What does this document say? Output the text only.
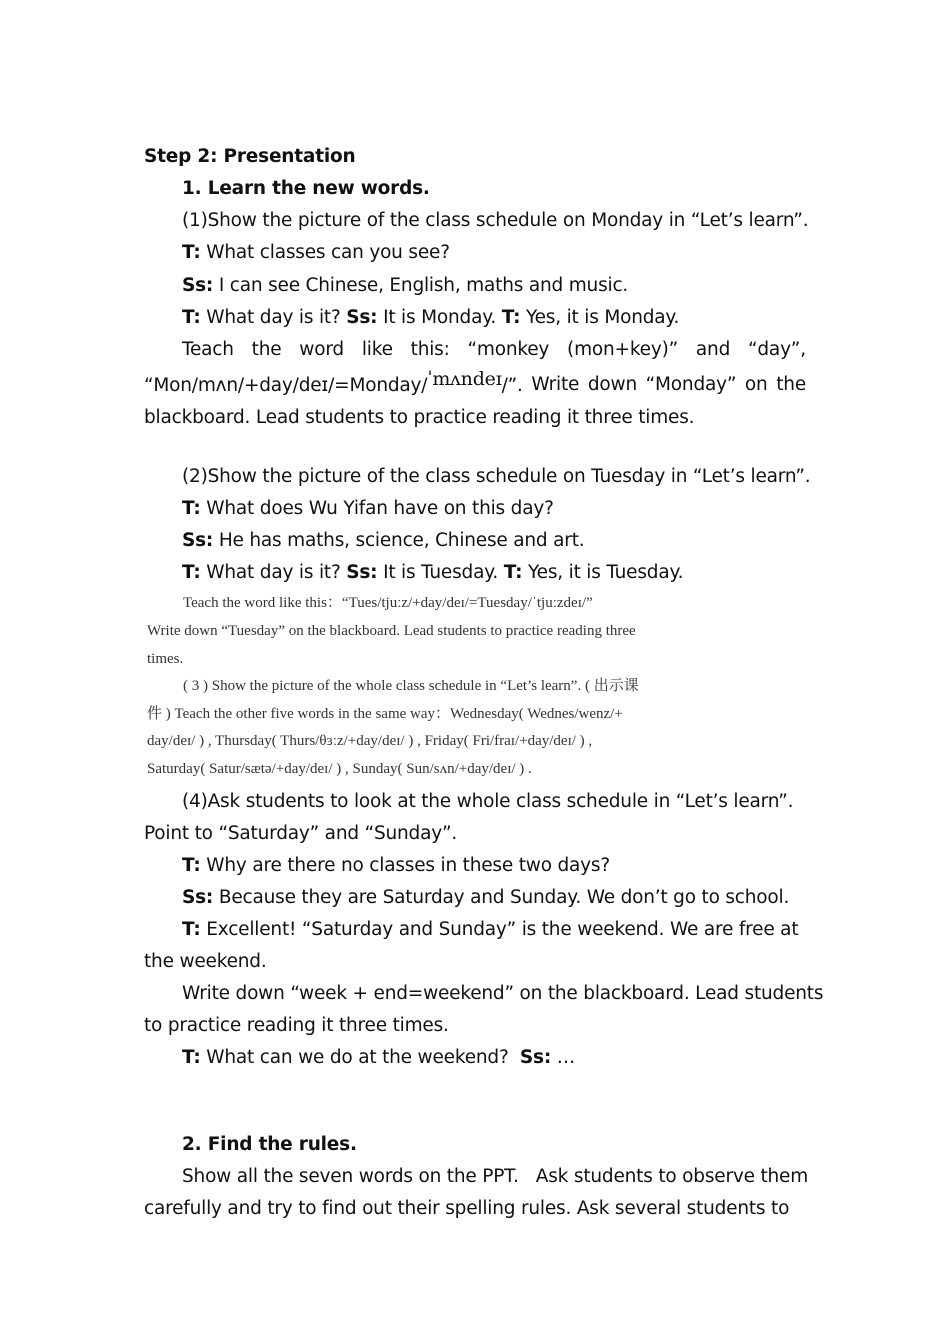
Step 2: Presentation
1. Learn the new words.
(1)Show the picture of the class schedule on Monday in “Let’s learn”.
T: What classes can you see?
Ss: I can see Chinese, English, maths and music.
T: What day is it? Ss: It is Monday. T: Yes, it is Monday.
Teach the word like this: “monkey (mon+key)” and “day”,
“Mon/mʌn/+day/deɪ/=Monday/ˈmʌndeɪ/”. Write down “Monday” on the
blackboard. Lead students to practice reading it three times.
(2)Show the picture of the class schedule on Tuesday in “Let’s learn”.
T: What does Wu Yifan have on this day?
Ss: He has maths, science, Chinese and art.
T: What day is it? Ss: It is Tuesday. T: Yes, it is Tuesday.
Teach the word like this：“Tues/tjuːz/+day/deɪ/=Tuesday/ˈtjuːzdeɪ/”
Write down “Tuesday” on the blackboard. Lead students to practice reading three
times.
( 3 ) Show the picture of the whole class schedule in “Let’s learn”. ( 出示课
件 ) Teach the other five words in the same way：Wednesday( Wednes/wenz/+
day/deɪ/ ) , Thursday( Thurs/θɜːz/+day/deɪ/ ) , Friday( Fri/fraɪ/+day/deɪ/ ) ,
Saturday( Satur/sætə/+day/deɪ/ ) , Sunday( Sun/sʌn/+day/deɪ/ ) .
(4)Ask students to look at the whole class schedule in “Let’s learn”.
Point to “Saturday” and “Sunday”.
T: Why are there no classes in these two days?
Ss: Because they are Saturday and Sunday. We don’t go to school.
T: Excellent! “Saturday and Sunday” is the weekend. We are free at
the weekend.
Write down “week + end=weekend” on the blackboard. Lead students
to practice reading it three times.
T: What can we do at the weekend?  Ss: …
2. Find the rules.
Show all the seven words on the PPT.   Ask students to observe them
carefully and try to find out their spelling rules. Ask several students to
